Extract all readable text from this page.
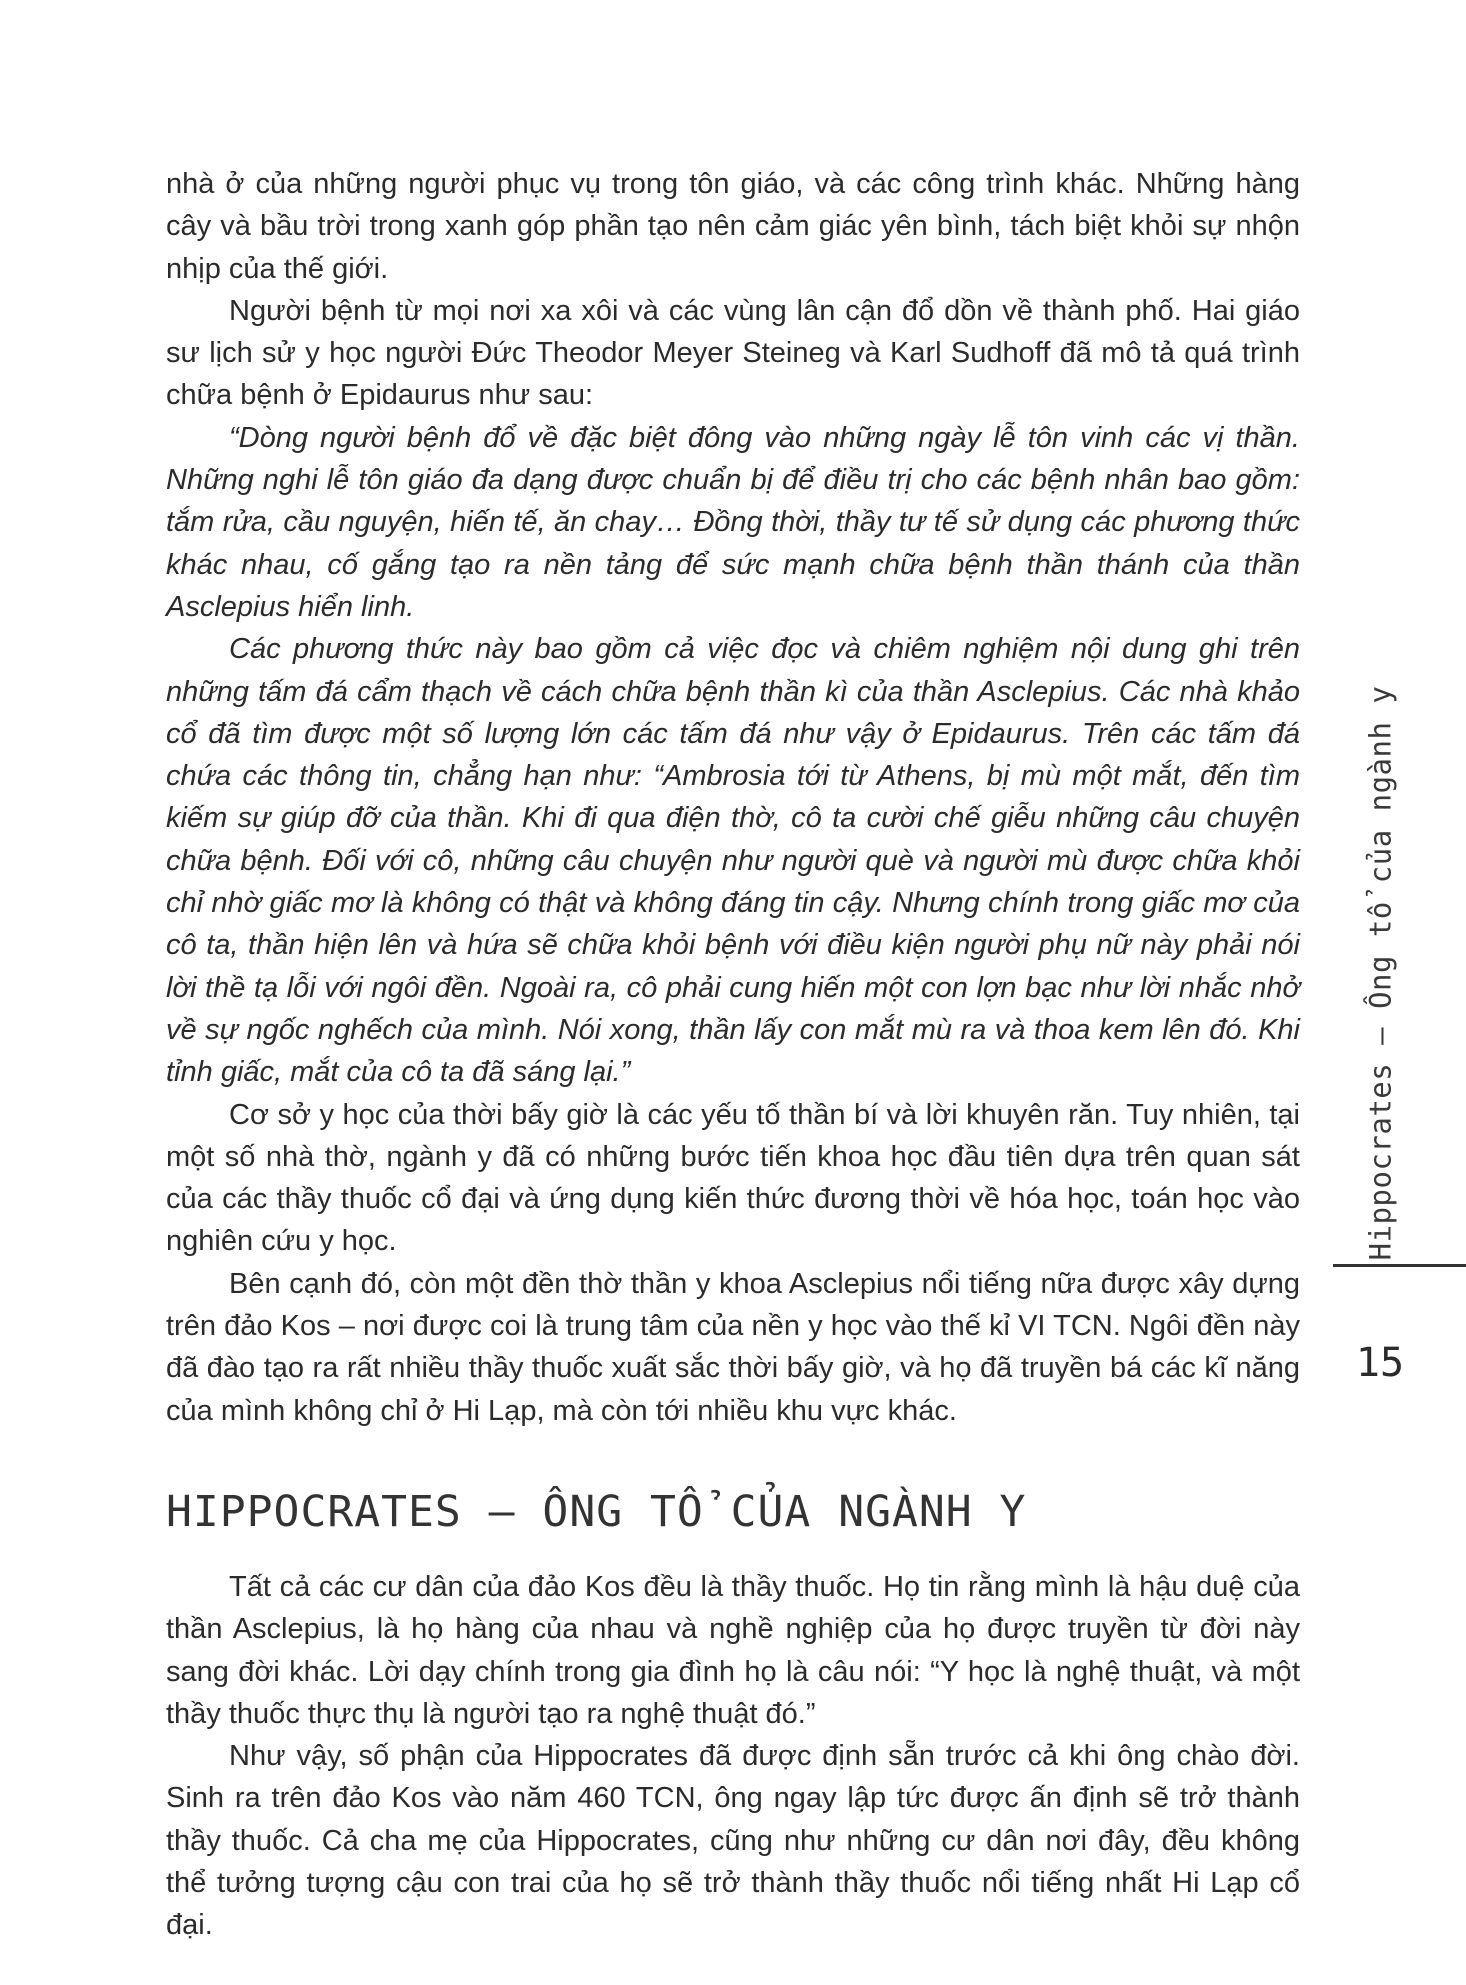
nhà ở của những người phục vụ trong tôn giáo, và các công trình khác. Những hàng cây và bầu trời trong xanh góp phần tạo nên cảm giác yên bình, tách biệt khỏi sự nhộn nhịp của thế giới.

Người bệnh từ mọi nơi xa xôi và các vùng lân cận đổ dồn về thành phố. Hai giáo sư lịch sử y học người Đức Theodor Meyer Steineg và Karl Sudhoff đã mô tả quá trình chữa bệnh ở Epidaurus như sau:

“Dòng người bệnh đổ về đặc biệt đông vào những ngày lễ tôn vinh các vị thần. Những nghi lễ tôn giáo đa dạng được chuẩn bị để điều trị cho các bệnh nhân bao gồm: tắm rửa, cầu nguyện, hiến tế, ăn chay… Đồng thời, thầy tư tế sử dụng các phương thức khác nhau, cố gắng tạo ra nền tảng để sức mạnh chữa bệnh thần thánh của thần Asclepius hiển linh.

Các phương thức này bao gồm cả việc đọc và chiêm nghiệm nội dung ghi trên những tấm đá cẩm thạch về cách chữa bệnh thần kì của thần Asclepius. Các nhà khảo cổ đã tìm được một số lượng lớn các tấm đá như vậy ở Epidaurus. Trên các tấm đá chứa các thông tin, chẳng hạn như: “Ambrosia tới từ Athens, bị mù một mắt, đến tìm kiếm sự giúp đỡ của thần. Khi đi qua điện thờ, cô ta cười chế giễu những câu chuyện chữa bệnh. Đối với cô, những câu chuyện như người què và người mù được chữa khỏi chỉ nhờ giấc mơ là không có thật và không đáng tin cậy. Nhưng chính trong giấc mơ của cô ta, thần hiện lên và hứa sẽ chữa khỏi bệnh với điều kiện người phụ nữ này phải nói lời thề tạ lỗi với ngôi đền. Ngoài ra, cô phải cung hiến một con lợn bạc như lời nhắc nhở về sự ngốc nghếch của mình. Nói xong, thần lấy con mắt mù ra và thoa kem lên đó. Khi tỉnh giấc, mắt của cô ta đã sáng lại.”

Cơ sở y học của thời bấy giờ là các yếu tố thần bí và lời khuyên răn. Tuy nhiên, tại một số nhà thờ, ngành y đã có những bước tiến khoa học đầu tiên dựa trên quan sát của các thầy thuốc cổ đại và ứng dụng kiến thức đương thời về hóa học, toán học vào nghiên cứu y học.

Bên cạnh đó, còn một đền thờ thần y khoa Asclepius nổi tiếng nữa được xây dựng trên đảo Kos – nơi được coi là trung tâm của nền y học vào thế kỉ VI TCN. Ngôi đền này đã đào tạo ra rất nhiều thầy thuốc xuất sắc thời bấy giờ, và họ đã truyền bá các kĩ năng của mình không chỉ ở Hi Lạp, mà còn tới nhiều khu vực khác.

HIPPOCRATES – ÔNG TỔ CỦA NGÀNH Y

Tất cả các cư dân của đảo Kos đều là thầy thuốc. Họ tin rằng mình là hậu duệ của thần Asclepius, là họ hàng của nhau và nghề nghiệp của họ được truyền từ đời này sang đời khác. Lời dạy chính trong gia đình họ là câu nói: “Y học là nghệ thuật, và một thầy thuốc thực thụ là người tạo ra nghệ thuật đó.”

Như vậy, số phận của Hippocrates đã được định sẵn trước cả khi ông chào đời. Sinh ra trên đảo Kos vào năm 460 TCN, ông ngay lập tức được ấn định sẽ trở thành thầy thuốc. Cả cha mẹ của Hippocrates, cũng như những cư dân nơi đây, đều không thể tưởng tượng cậu con trai của họ sẽ trở thành thầy thuốc nổi tiếng nhất Hi Lạp cổ đại.

Hippocrates – Ông tổ của ngành y
15
